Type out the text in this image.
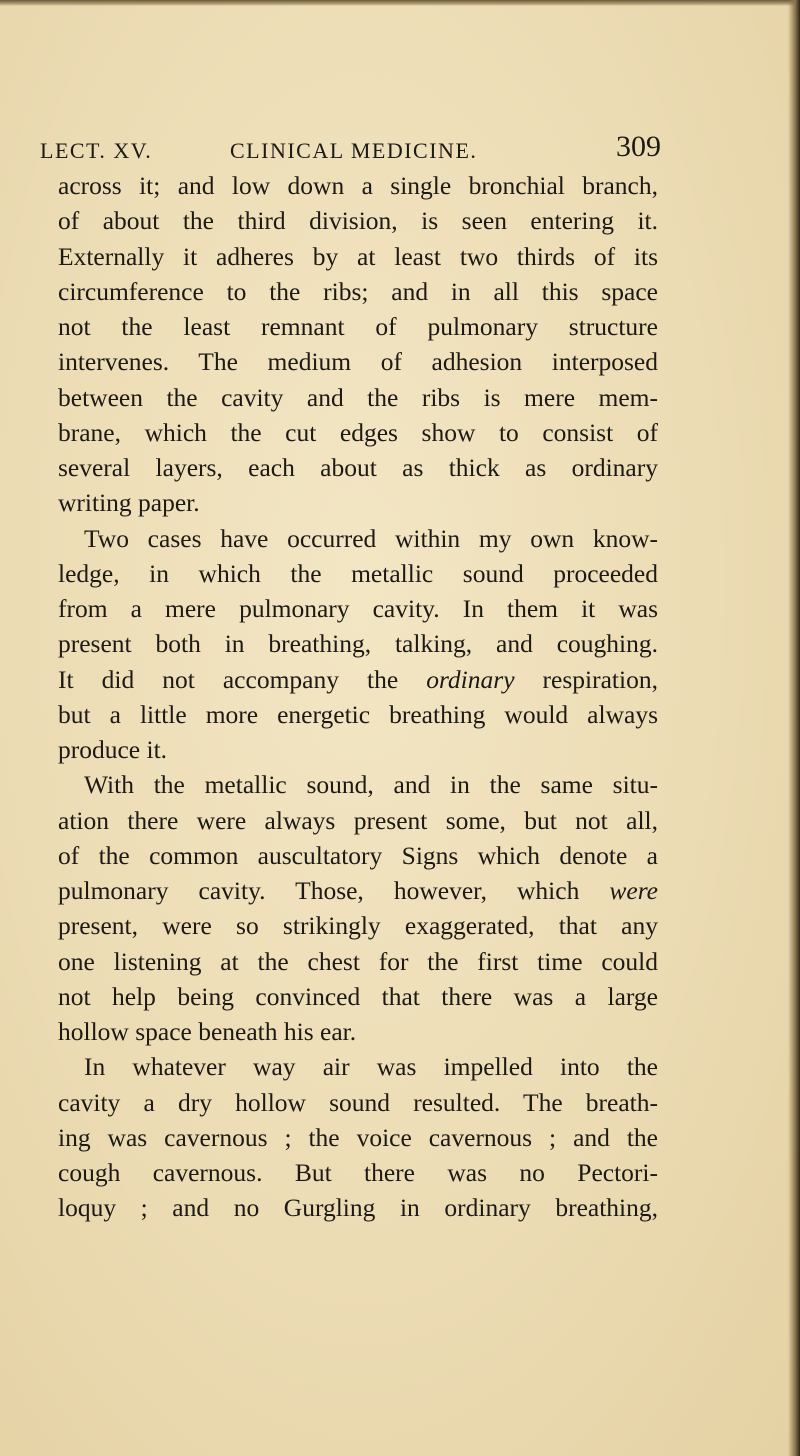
LECT. XV.	CLINICAL MEDICINE.	309
across it; and low down a single bronchial branch,
of about the third division, is seen entering it.
Externally it adheres by at least two thirds of its
circumference to the ribs; and in all this space
not the least remnant of pulmonary structure
intervenes. The medium of adhesion interposed
between the cavity and the ribs is mere mem-
brane, which the cut edges show to consist of
several layers, each about as thick as ordinary
writing paper.
Two cases have occurred within my own know-
ledge, in which the metallic sound proceeded
from a mere pulmonary cavity. In them it was
present both in breathing, talking, and coughing.
It did not accompany the ordinary respiration,
but a little more energetic breathing would always
produce it.
With the metallic sound, and in the same situ-
ation there were always present some, but not all,
of the common auscultatory Signs which denote a
pulmonary cavity. Those, however, which were
present, were so strikingly exaggerated, that any
one listening at the chest for the first time could
not help being convinced that there was a large
hollow space beneath his ear.
In whatever way air was impelled into the
cavity a dry hollow sound resulted. The breath-
ing was cavernous ; the voice cavernous ; and the
cough cavernous. But there was no Pectori-
loquy ; and no Gurgling in ordinary breathing,
